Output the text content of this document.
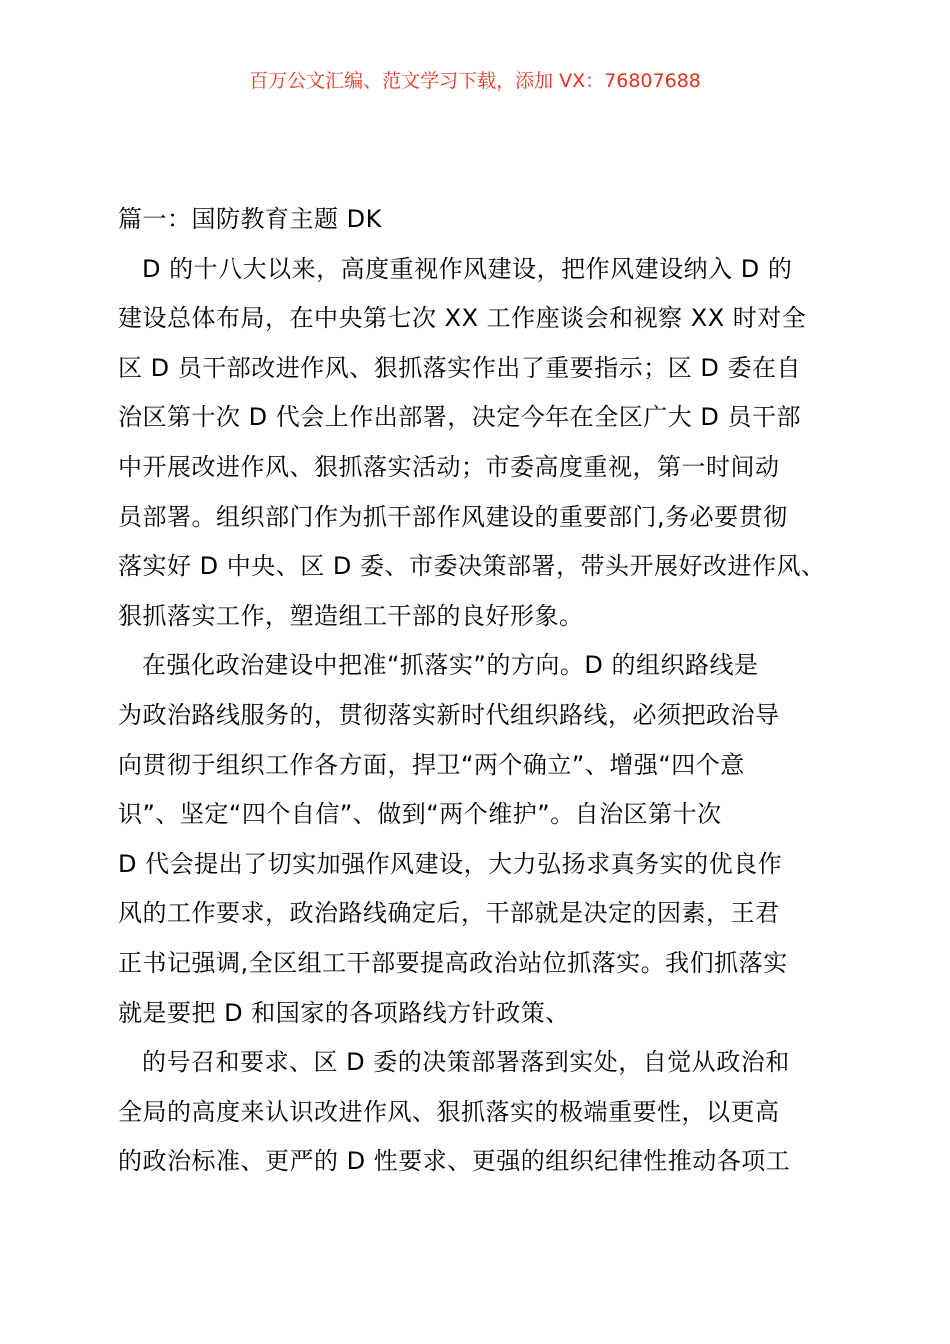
百万公文汇编、范文学习下载，添加 VX：76807688
篇一：国防教育主题 DK

D 的十八大以来，高度重视作风建设，把作风建设纳入 D 的
建设总体布局，在中央第七次 XX 工作座谈会和视察 XX 时对全
区 D 员干部改进作风、狠抓落实作出了重要指示；区 D 委在自
治区第十次 D 代会上作出部署，决定今年在全区广大 D 员干部
中开展改进作风、狠抓落实活动；市委高度重视，第一时间动
员部署。组织部门作为抓干部作风建设的重要部门,务必要贯彻
落实好 D 中央、区 D 委、市委决策部署，带头开展好改进作风、
狠抓落实工作，塑造组工干部的良好形象。

在强化政治建设中把准“抓落实”的方向。D 的组织路线是
为政治路线服务的，贯彻落实新时代组织路线，必须把政治导
向贯彻于组织工作各方面，捍卫“两个确立”、增强“四个意
识”、坚定“四个自信”、做到“两个维护”。自治区第十次
D 代会提出了切实加强作风建设，大力弘扬求真务实的优良作
风的工作要求，政治路线确定后，干部就是决定的因素，王君
正书记强调,全区组工干部要提高政治站位抓落实。我们抓落实
就是要把 D 和国家的各项路线方针政策、

的号召和要求、区 D 委的决策部署落到实处，自觉从政治和
全局的高度来认识改进作风、狠抓落实的极端重要性，以更高
的政治标准、更严的 D 性要求、更强的组织纪律性推动各项工
